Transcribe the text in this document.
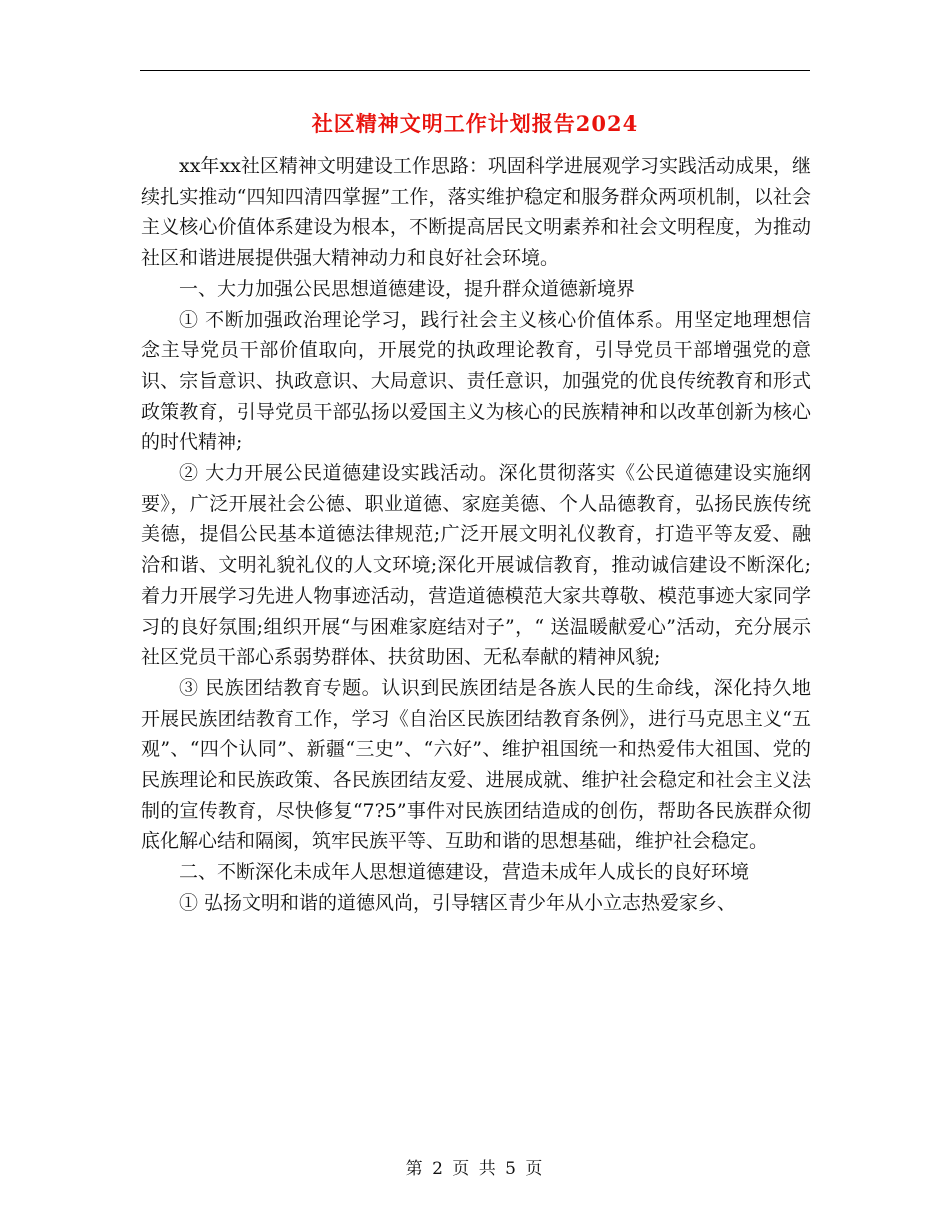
社区精神文明工作计划报告2024

xx年xx社区精神文明建设工作思路：巩固科学进展观学习实践活动成果，继续扎实推动“四知四清四掌握”工作，落实维护稳定和服务群众两项机制，以社会主义核心价值体系建设为根本，不断提高居民文明素养和社会文明程度，为推动社区和谐进展提供强大精神动力和良好社会环境。

一、大力加强公民思想道德建设，提升群众道德新境界

① 不断加强政治理论学习，践行社会主义核心价值体系。用坚定地理想信念主导党员干部价值取向，开展党的执政理论教育，引导党员干部增强党的意识、宗旨意识、执政意识、大局意识、责任意识，加强党的优良传统教育和形式政策教育，引导党员干部弘扬以爱国主义为核心的民族精神和以改革创新为核心的时代精神;

② 大力开展公民道德建设实践活动。深化贯彻落实《公民道德建设实施纲要》，广泛开展社会公德、职业道德、家庭美德、个人品德教育，弘扬民族传统美德，提倡公民基本道德法律规范;广泛开展文明礼仪教育，打造平等友爱、融洽和谐、文明礼貌礼仪的人文环境;深化开展诚信教育，推动诚信建设不断深化;着力开展学习先进人物事迹活动，营造道德模范大家共尊敬、模范事迹大家同学习的良好氛围;组织开展“与困难家庭结对子”，“ 送温暖献爱心”活动，充分展示社区党员干部心系弱势群体、扶贫助困、无私奉献的精神风貌;

③ 民族团结教育专题。认识到民族团结是各族人民的生命线，深化持久地开展民族团结教育工作，学习《自治区民族团结教育条例》，进行马克思主义“五观”、“四个认同”、新疆“三史”、“六好”、维护祖国统一和热爱伟大祖国、党的民族理论和民族政策、各民族团结友爱、进展成就、维护社会稳定和社会主义法制的宣传教育，尽快修复“7?5”事件对民族团结造成的创伤，帮助各民族群众彻底化解心结和隔阂，筑牢民族平等、互助和谐的思想基础，维护社会稳定。

二、不断深化未成年人思想道德建设，营造未成年人成长的良好环境

① 弘扬文明和谐的道德风尚，引导辖区青少年从小立志热爱家乡、

第 2 页 共 5 页
